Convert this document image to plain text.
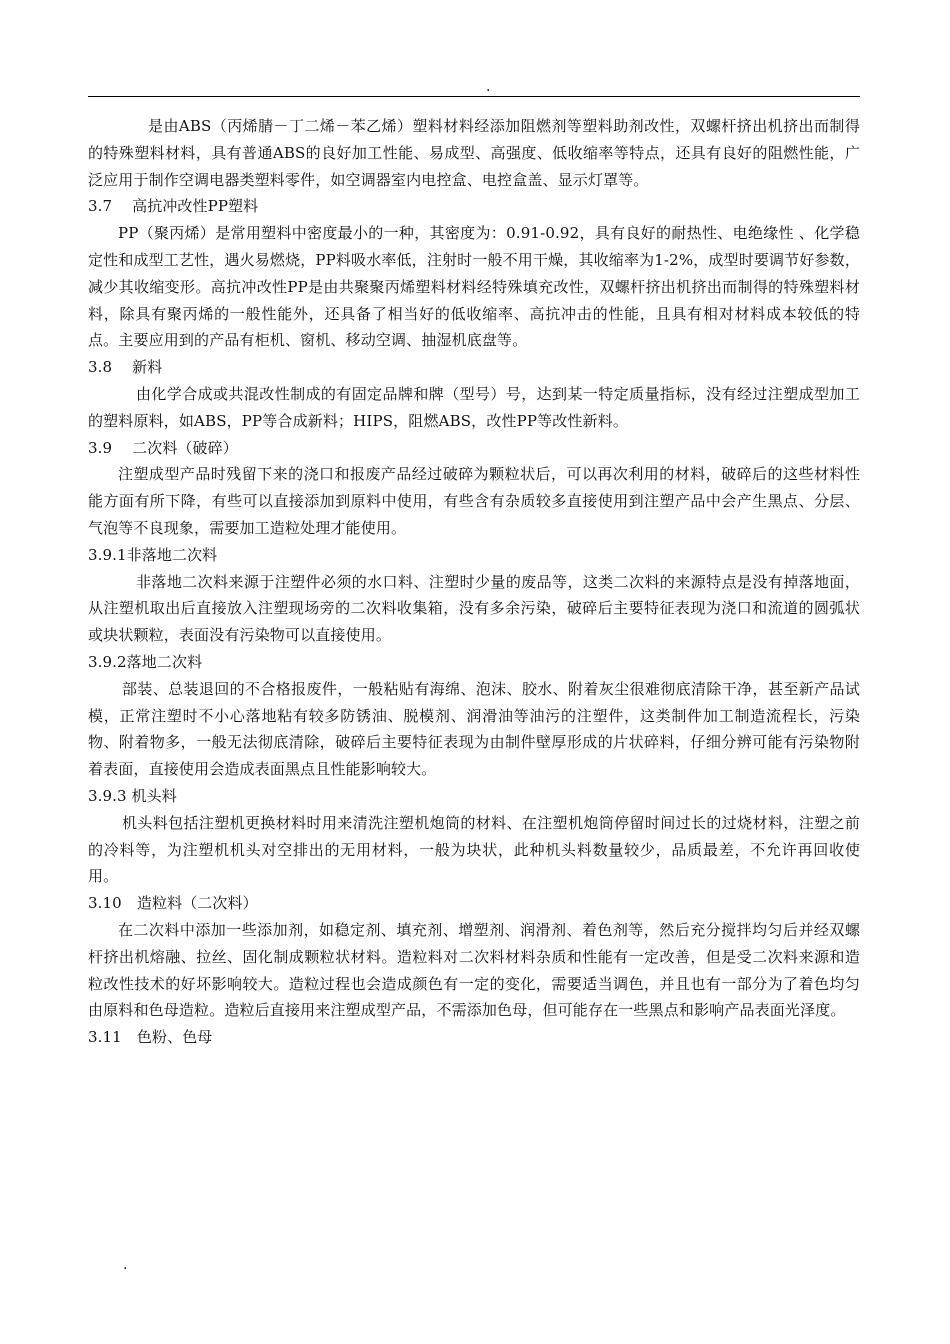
.

是由ABS（丙烯腈－丁二烯－苯乙烯）塑料材料经添加阻燃剂等塑料助剂改性，双螺杆挤出机挤出而制得的特殊塑料材料，具有普通ABS的良好加工性能、易成型、高强度、低收缩率等特点，还具有良好的阻燃性能，广泛应用于制作空调电器类塑料零件，如空调器室内电控盒、电控盒盖、显示灯罩等。

3.7　 高抗冲改性PP塑料

PP（聚丙烯）是常用塑料中密度最小的一种，其密度为：0.91-0.92，具有良好的耐热性、电绝缘性 、化学稳定性和成型工艺性，遇火易燃烧，PP料吸水率低，注射时一般不用干燥，其收缩率为1-2%，成型时要调节好参数，减少其收缩变形。高抗冲改性PP是由共聚聚丙烯塑料材料经特殊填充改性，双螺杆挤出机挤出而制得的特殊塑料材料，除具有聚丙烯的一般性能外，还具备了相当好的低收缩率、高抗冲击的性能，且具有相对材料成本较低的特点。主要应用到的产品有柜机、窗机、移动空调、抽湿机底盘等。

3.8　 新料

由化学合成或共混改性制成的有固定品牌和牌（型号）号，达到某一特定质量指标，没有经过注塑成型加工的塑料原料，如ABS，PP等合成新料；HIPS，阻燃ABS，改性PP等改性新料。

3.9　 二次料（破碎）

注塑成型产品时残留下来的浇口和报废产品经过破碎为颗粒状后，可以再次利用的材料，破碎后的这些材料性能方面有所下降，有些可以直接添加到原料中使用，有些含有杂质较多直接使用到注塑产品中会产生黑点、分层、气泡等不良现象，需要加工造粒处理才能使用。

3.9.1非落地二次料

非落地二次料来源于注塑件必须的水口料、注塑时少量的废品等，这类二次料的来源特点是没有掉落地面，从注塑机取出后直接放入注塑现场旁的二次料收集箱，没有多余污染，破碎后主要特征表现为浇口和流道的圆弧状或块状颗粒，表面没有污染物可以直接使用。

3.9.2落地二次料

部装、总装退回的不合格报废件，一般粘贴有海绵、泡沫、胶水、附着灰尘很难彻底清除干净，甚至新产品试模，正常注塑时不小心落地粘有较多防锈油、脱模剂、润滑油等油污的注塑件，这类制件加工制造流程长，污染物、附着物多，一般无法彻底清除，破碎后主要特征表现为由制件壁厚形成的片状碎料，仔细分辨可能有污染物附着表面，直接使用会造成表面黑点且性能影响较大。

3.9.3 机头料

机头料包括注塑机更换材料时用来清洗注塑机炮筒的材料、在注塑机炮筒停留时间过长的过烧材料，注塑之前的冷料等，为注塑机机头对空排出的无用材料，一般为块状，此种机头料数量较少，品质最差，不允许再回收使用。

3.10　造粒料（二次料）

在二次料中添加一些添加剂，如稳定剂、填充剂、增塑剂、润滑剂、着色剂等，然后充分搅拌均匀后并经双螺杆挤出机熔融、拉丝、固化制成颗粒状材料。造粒料对二次料材料杂质和性能有一定改善，但是受二次料来源和造粒改性技术的好坏影响较大。造粒过程也会造成颜色有一定的变化，需要适当调色，并且也有一部分为了着色均匀由原料和色母造粒。造粒后直接用来注塑成型产品，不需添加色母，但可能存在一些黑点和影响产品表面光泽度。

3.11　色粉、色母

.
